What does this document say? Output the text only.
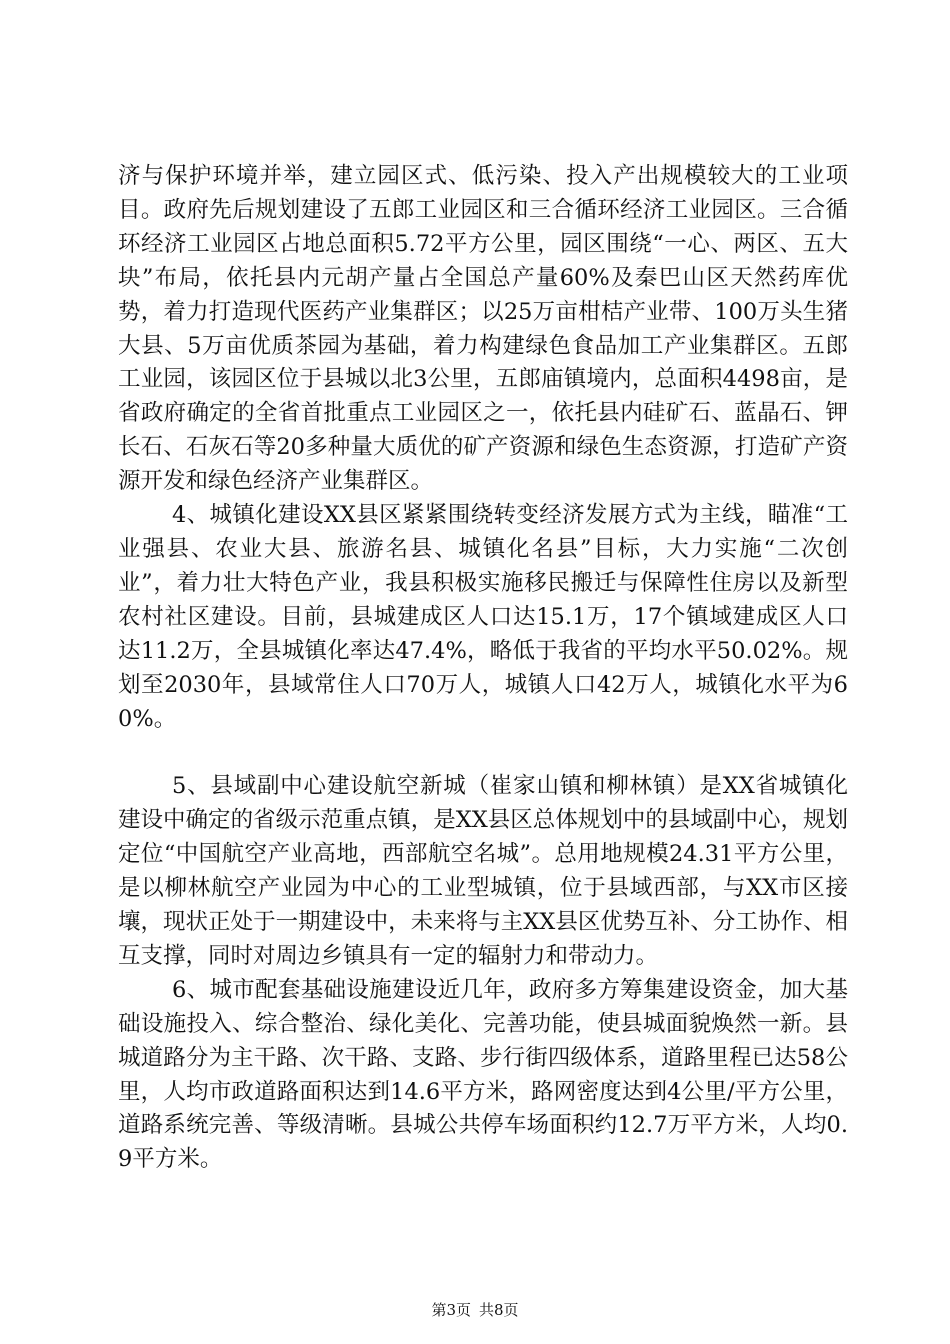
济与保护环境并举，建立园区式、低污染、投入产出规模较大的工业项目。政府先后规划建设了五郎工业园区和三合循环经济工业园区。三合循环经济工业园区占地总面积5.72平方公里，园区围绕“一心、两区、五大块”布局，依托县内元胡产量占全国总产量60%及秦巴山区天然药库优势，着力打造现代医药产业集群区；以25万亩柑桔产业带、100万头生猪大县、5万亩优质茶园为基础，着力构建绿色食品加工产业集群区。五郎工业园，该园区位于县城以北3公里，五郎庙镇境内，总面积4498亩，是省政府确定的全省首批重点工业园区之一，依托县内硅矿石、蓝晶石、钾长石、石灰石等20多种量大质优的矿产资源和绿色生态资源，打造矿产资源开发和绿色经济产业集群区。

4、城镇化建设XX县区紧紧围绕转变经济发展方式为主线，瞄准“工业强县、农业大县、旅游名县、城镇化名县”目标，大力实施“二次创业”，着力壮大特色产业，我县积极实施移民搬迁与保障性住房以及新型农村社区建设。目前，县城建成区人口达15.1万，17个镇域建成区人口达11.2万，全县城镇化率达47.4%，略低于我省的平均水平50.02%。规划至2030年，县域常住人口70万人，城镇人口42万人，城镇化水平为60%。

5、县域副中心建设航空新城（崔家山镇和柳林镇）是XX省城镇化建设中确定的省级示范重点镇，是XX县区总体规划中的县域副中心，规划定位“中国航空产业高地，西部航空名城”。总用地规模24.31平方公里，是以柳林航空产业园为中心的工业型城镇，位于县域西部，与XX市区接壤，现状正处于一期建设中，未来将与主XX县区优势互补、分工协作、相互支撑，同时对周边乡镇具有一定的辐射力和带动力。

6、城市配套基础设施建设近几年，政府多方筹集建设资金，加大基础设施投入、综合整治、绿化美化、完善功能，使县城面貌焕然一新。县城道路分为主干路、次干路、支路、步行街四级体系，道路里程已达58公里，人均市政道路面积达到14.6平方米，路网密度达到4公里/平方公里，道路系统完善、等级清晰。县城公共停车场面积约12.7万平方米，人均0.9平方米。

第3页 共8页
